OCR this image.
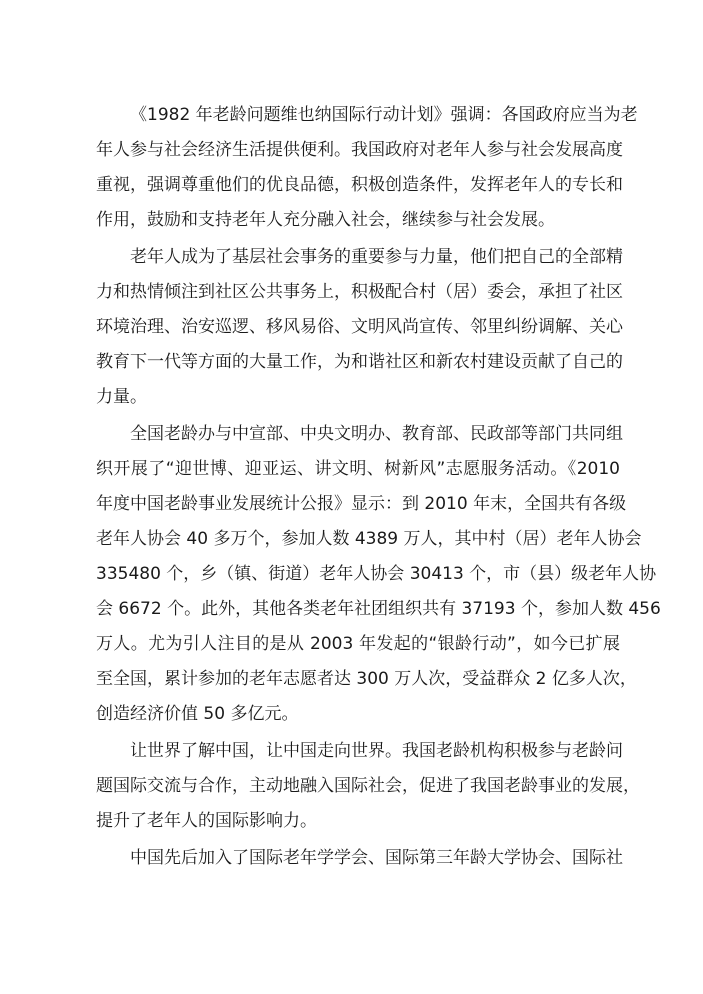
《1982 年老龄问题维也纳国际行动计划》强调：各国政府应当为老
年人参与社会经济生活提供便利。我国政府对老年人参与社会发展高度
重视，强调尊重他们的优良品德，积极创造条件，发挥老年人的专长和
作用，鼓励和支持老年人充分融入社会，继续参与社会发展。
老年人成为了基层社会事务的重要参与力量，他们把自己的全部精
力和热情倾注到社区公共事务上，积极配合村（居）委会，承担了社区
环境治理、治安巡逻、移风易俗、文明风尚宣传、邻里纠纷调解、关心
教育下一代等方面的大量工作，为和谐社区和新农村建设贡献了自己的
力量。
全国老龄办与中宣部、中央文明办、教育部、民政部等部门共同组
织开展了“迎世博、迎亚运、讲文明、树新风”志愿服务活动。《2010
年度中国老龄事业发展统计公报》显示：到 2010 年末，全国共有各级
老年人协会 40 多万个，参加人数 4389 万人，其中村（居）老年人协会
335480 个，乡（镇、街道）老年人协会 30413 个，市（县）级老年人协
会 6672 个。此外，其他各类老年社团组织共有 37193 个，参加人数 456
万人。尤为引人注目的是从 2003 年发起的“银龄行动”，如今已扩展
至全国，累计参加的老年志愿者达 300 万人次，受益群众 2 亿多人次，
创造经济价值 50 多亿元。
让世界了解中国，让中国走向世界。我国老龄机构积极参与老龄问
题国际交流与合作，主动地融入国际社会，促进了我国老龄事业的发展，
提升了老年人的国际影响力。
中国先后加入了国际老年学学会、国际第三年龄大学协会、国际社
